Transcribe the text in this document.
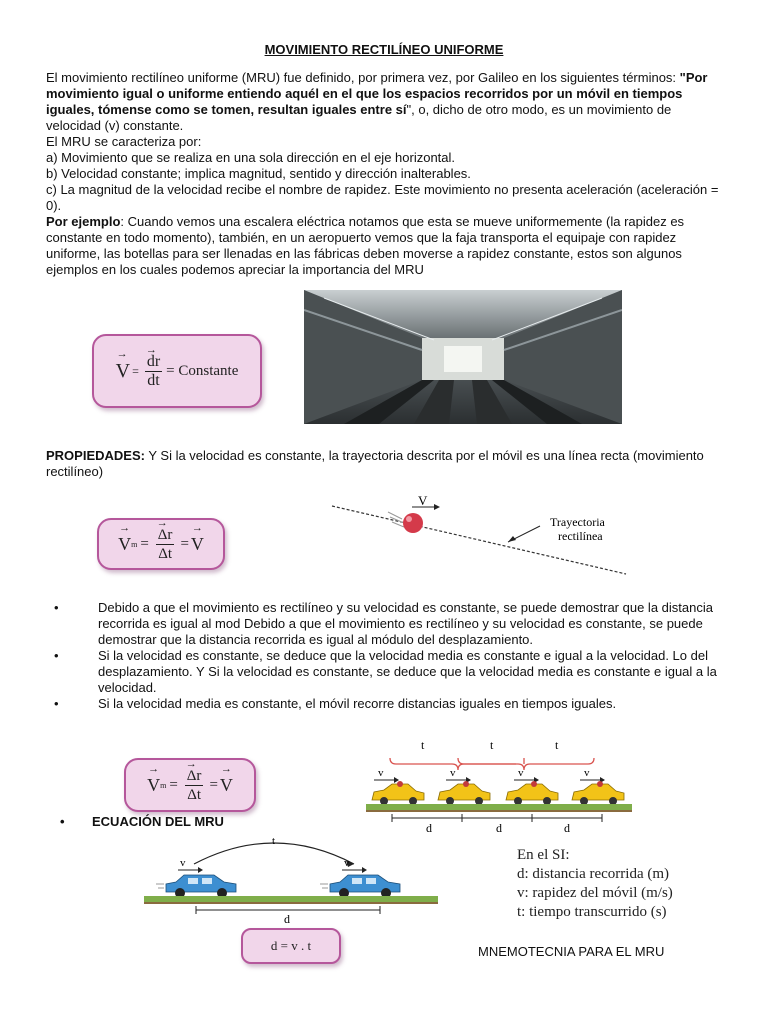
MOVIMIENTO RECTILÍNEO UNIFORME
El movimiento rectilíneo uniforme (MRU) fue definido, por primera vez, por Galileo en los siguientes términos: "Por movimiento igual o uniforme entiendo aquél en el que los espacios recorridos por un móvil en tiempos iguales, tómense como se tomen, resultan iguales entre sí", o, dicho de otro modo, es un movimiento de velocidad (v) constante.
El MRU se caracteriza por:
a) Movimiento que se realiza en una sola dirección en el eje horizontal.
b) Velocidad constante; implica magnitud, sentido y dirección inalterables.
c) La magnitud de la velocidad recibe el nombre de rapidez. Este movimiento no presenta aceleración (aceleración = 0).
Por ejemplo: Cuando vemos una escalera eléctrica notamos que esta se mueve uniformemente (la rapidez es constante en todo momento), también, en un aeropuerto vemos que la faja transporta el equipaje con rapidez uniforme, las botellas para ser llenadas en las fábricas deben moverse a rapidez constante, estos son algunos ejemplos en los cuales podemos apreciar la importancia del MRU
→ V = → $\frac{dr}{dt}$ = Constante
PROPIEDADES: Y Si la velocidad es constante, la trayectoria descrita por el móvil es una línea recta (movimiento rectilíneo)
→ V m = → $\frac{\Delta r}{\Delta t}$ = → V
V
Trayectoria
rectilínea
•	Debido a que el movimiento es rectilíneo y su velocidad es constante, se puede demostrar que la distancia recorrida es igual al mod Debido a que el movimiento es rectilíneo y su velocidad es constante, se puede demostrar que la distancia recorrida es igual al módulo del desplazamiento.
•	Si la velocidad es constante, se deduce que la velocidad media es constante e igual a la velocidad. Lo del desplazamiento. Y Si la velocidad es constante, se deduce que la velocidad media es constante e igual a la velocidad.
•	Si la velocidad media es constante, el móvil recorre distancias iguales en tiempos iguales.
→ V m = → $\frac{\Delta r}{\Delta t}$ = → V
•	ECUACIÓN DEL MRU
t	t	t
v	v	v	v
d	d	d
t
v	v
d
d = v . t
En el SI:
d: distancia recorrida (m)
v: rapidez del móvil (m/s)
t: tiempo transcurrido (s)
MNEMOTECNIA PARA EL MRU
